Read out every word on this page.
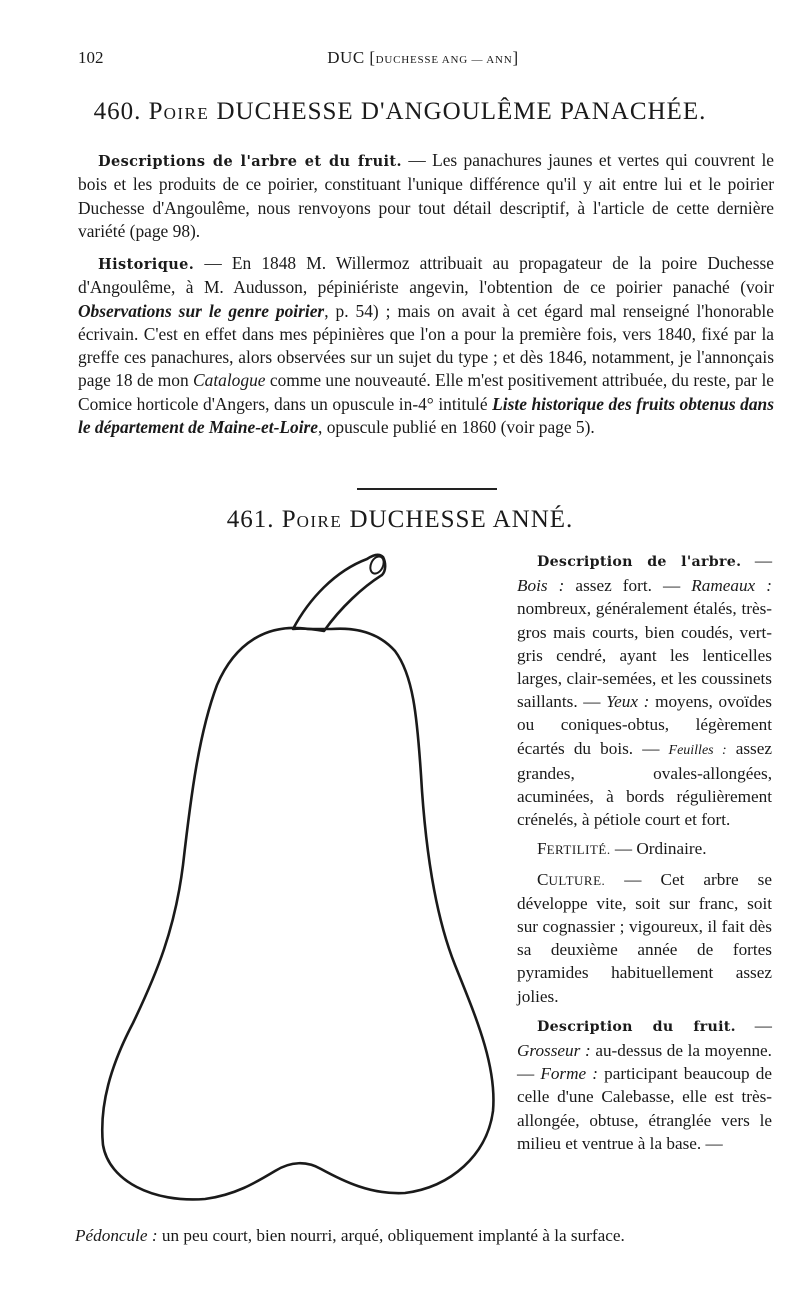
102	DUC [DUCHESSE ANG — ANN]
460. POIRE DUCHESSE D'ANGOULÊME PANACHÉE.

Descriptions de l'arbre et du fruit. — Les panachures jaunes et vertes qui couvrent le bois et les produits de ce poirier, constituant l'unique différence qu'il y ait entre lui et le poirier Duchesse d'Angoulême, nous renvoyons pour tout détail descriptif, à l'article de cette dernière variété (page 98).

Historique. — En 1848 M. Willermoz attribuait au propagateur de la poire Duchesse d'Angoulême, à M. Audusson, pépiniériste angevin, l'obtention de ce poirier panaché (voir Observations sur le genre poirier, p. 54) ; mais on avait à cet égard mal renseigné l'honorable écrivain. C'est en effet dans mes pépinières que l'on a pour la première fois, vers 1840, fixé par la greffe ces panachures, alors observées sur un sujet du type ; et dès 1846, notamment, je l'annonçais page 18 de mon Catalogue comme une nouveauté. Elle m'est positivement attribuée, du reste, par le Comice horticole d'Angers, dans un opuscule in-4° intitulé Liste historique des fruits obtenus dans le département de Maine-et-Loire, opuscule publié en 1860 (voir page 5).

461. POIRE DUCHESSE ANNÉ.

Description de l'arbre. — Bois : assez fort. — Rameaux : nombreux, généralement étalés, très-gros mais courts, bien coudés, vert-gris cendré, ayant les lenticelles larges, clair-semées, et les coussinets saillants. — Yeux : moyens, ovoïdes ou coniques-obtus, légèrement écartés du bois. — Feuilles : assez grandes, ovales-allongées, acuminées, à bords régulièrement crénelés, à pétiole court et fort.

FERTILITÉ. — Ordinaire.

CULTURE. — Cet arbre se développe vite, soit sur franc, soit sur cognassier ; vigoureux, il fait dès sa deuxième année de fortes pyramides habituellement assez jolies.

Description du fruit. — Grosseur : au-dessus de la moyenne. — Forme : participant beaucoup de celle d'une Calebasse, elle est très-allongée, obtuse, étranglée vers le milieu et ventrue à la base. —

Pédoncule : un peu court, bien nourri, arqué, obliquement implanté à la surface.
